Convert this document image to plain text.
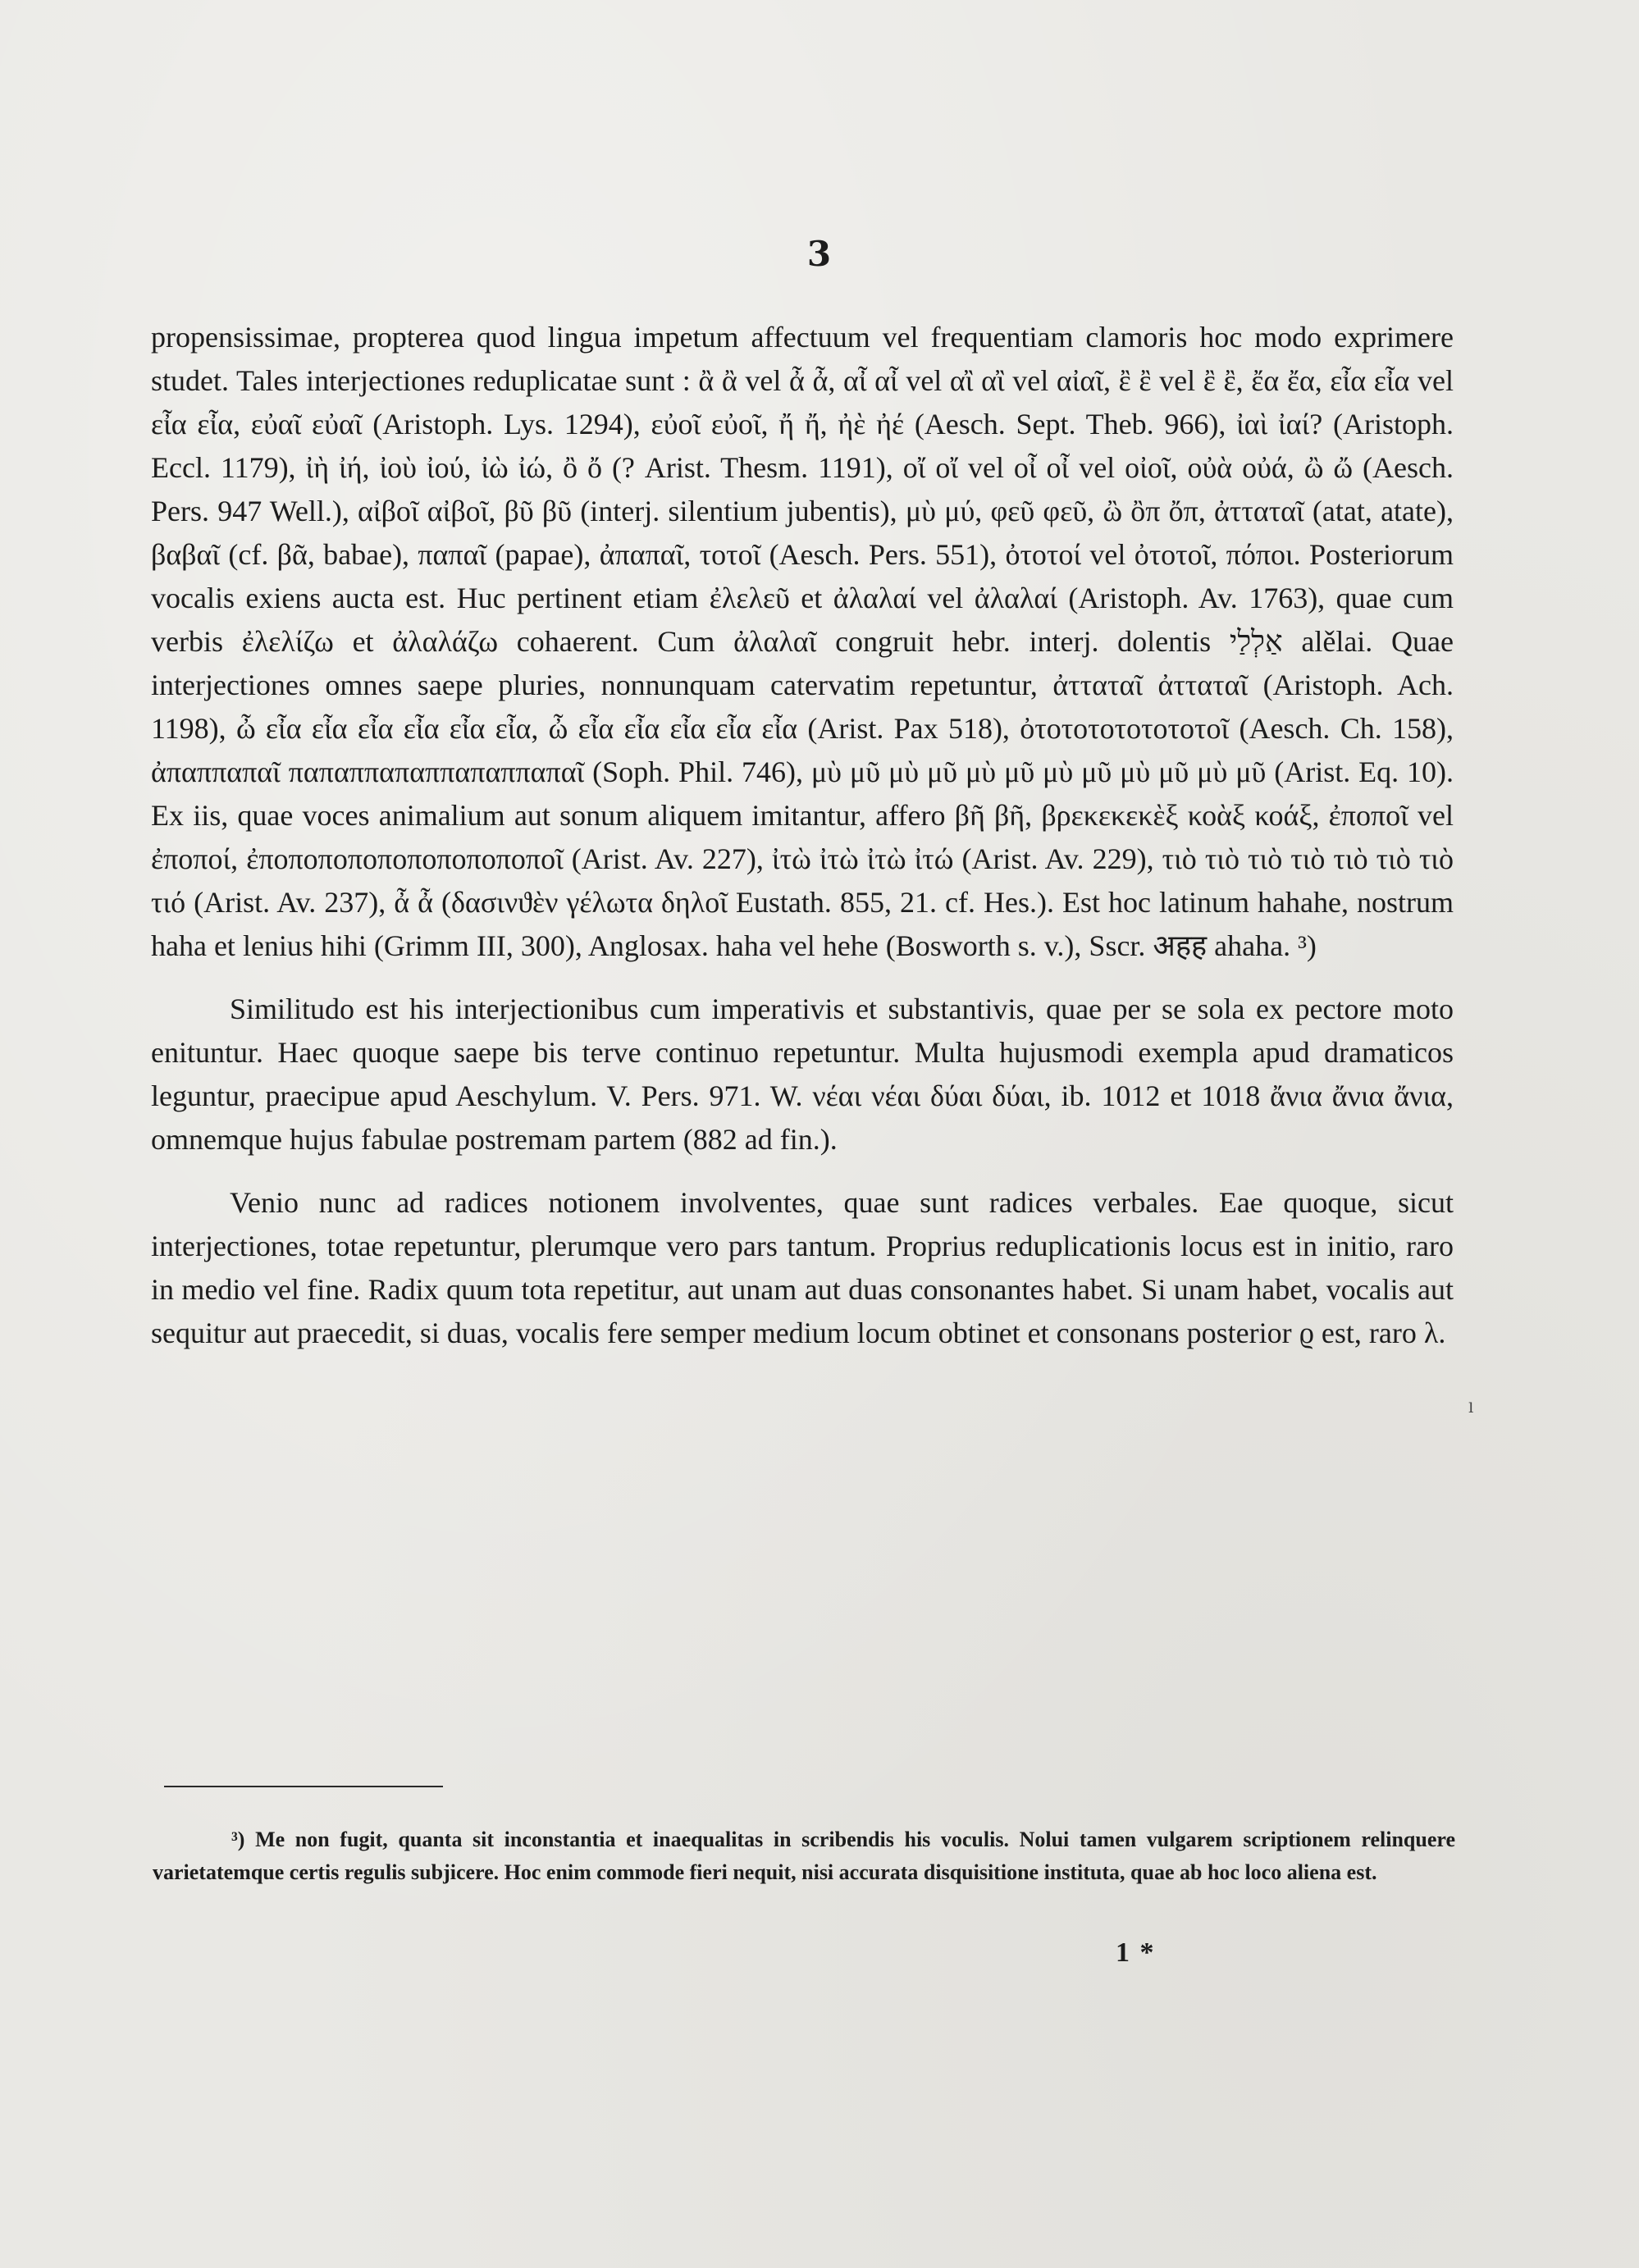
3

propensissimae, propterea quod lingua impetum affectuum vel frequentiam clamoris hoc modo exprimere studet. Tales interjectiones reduplicatae sunt : ἂ ἂ vel ἆ ἆ, αἶ αἶ vel αἲ αἲ vel αἰαῖ, ἒ ἒ vel ἒ ἒ, ἔα ἔα, εἶα εἶα vel εἶα εἶα, εὐαῖ εὐαῖ (Aristoph. Lys. 1294), εὐοῖ εὐοῖ, ἤ ἤ, ἠὲ ἠέ (Aesch. Sept. Theb. 966), ἰαὶ ἰαί? (Aristoph. Eccl. 1179), ἰὴ ἰή, ἰοὺ ἰού, ἰὼ ἰώ, ὂ ὄ (? Arist. Thesm. 1191), οἴ οἴ vel οἶ οἶ vel οἰοῖ, οὐὰ οὐά, ὢ ὤ (Aesch. Pers. 947 Well.), αἰβοῖ αἰβοῖ, βῦ βῦ (interj. silentium jubentis), μὺ μύ, φεῦ φεῦ, ὢ ὂπ ὄπ, ἀτταταῖ (atat, atate), βαβαῖ (cf. βᾶ, babae), παπαῖ (papae), ἀπαπαῖ, τοτοῖ (Aesch. Pers. 551), ὀτοτοί vel ὀτοτοῖ, πόποι. Posteriorum vocalis exiens aucta est. Huc pertinent etiam ἐλελεῦ et ἀλαλαί vel ἀλαλαί (Aristoph. Av. 1763), quae cum verbis ἐλελίζω et ἀλαλάζω cohaerent. Cum ἀλαλαῖ congruit hebr. interj. dolentis אַלְלַי alělai. Quae interjectiones omnes saepe pluries, nonnunquam catervatim repetuntur, ἀτταταῖ ἀτταταῖ (Aristoph. Ach. 1198), ὦ εἶα εἶα εἶα εἶα εἶα εἶα, ὦ εἶα εἶα εἶα εἶα εἶα (Arist. Pax 518), ὀτοτοτοτοτοτοτοῖ (Aesch. Ch. 158), ἀπαππαπαῖ παπαππαπαππαπαππαπαῖ (Soph. Phil. 746), μὺ μῦ μὺ μῦ μὺ μῦ μὺ μῦ μὺ μῦ μὺ μῦ (Arist. Eq. 10). Ex iis, quae voces animalium aut sonum aliquem imitantur, affero βῆ βῆ, βρεκεκεκὲξ κοὰξ κοάξ, ἐποποῖ vel ἐποποί, ἐποποποποποποποποποποῖ (Arist. Av. 227), ἰτὼ ἰτὼ ἰτὼ ἰτώ (Arist. Av. 229), τιὸ τιὸ τιὸ τιὸ τιὸ τιὸ τιὸ τιό (Arist. Av. 237), ἆ ἆ (δασινϑὲν γέλωτα δηλοῖ Eustath. 855, 21. cf. Hes.). Est hoc latinum hahahe, nostrum haha et lenius hihi (Grimm III, 300), Anglosax. haha vel hehe (Bosworth s. v.), Sscr. अहह ahaha. ³)

Similitudo est his interjectionibus cum imperativis et substantivis, quae per se sola ex pectore moto enituntur. Haec quoque saepe bis terve continuo repetuntur. Multa hujusmodi exempla apud dramaticos leguntur, praecipue apud Aeschylum. V. Pers. 971. W. νέαι νέαι δύαι δύαι, ib. 1012 et 1018 ἄνια ἄνια ἄνια, omnemque hujus fabulae postremam partem (882 ad fin.).

Venio nunc ad radices notionem involventes, quae sunt radices verbales. Eae quoque, sicut interjectiones, totae repetuntur, plerumque vero pars tantum. Proprius reduplicationis locus est in initio, raro in medio vel fine. Radix quum tota repetitur, aut unam aut duas consonantes habet. Si unam habet, vocalis aut sequitur aut praecedit, si duas, vocalis fere semper medium locum obtinet et consonans posterior ϱ est, raro λ.

³) Me non fugit, quanta sit inconstantia et inaequalitas in scribendis his voculis. Nolui tamen vulgarem scriptionem relinquere varietatemque certis regulis subjicere. Hoc enim commode fieri nequit, nisi accurata disquisitione instituta, quae ab hoc loco aliena est.
1 *
ˡ
